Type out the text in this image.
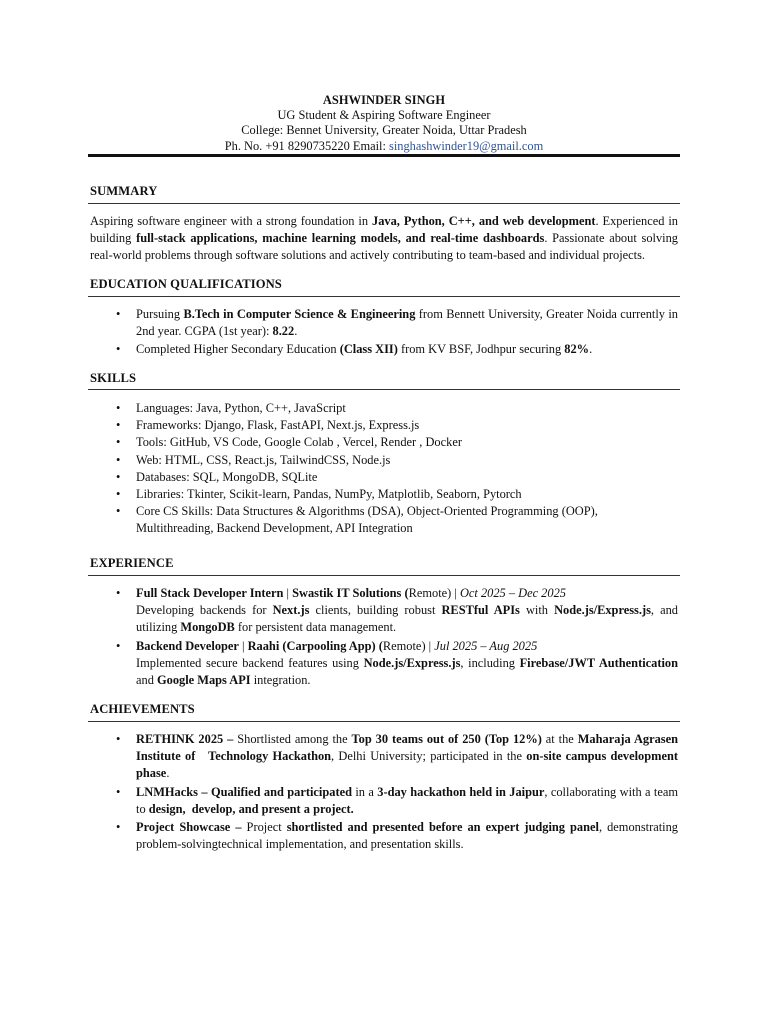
ASHWINDER SINGH
UG Student & Aspiring Software Engineer
College: Bennet University, Greater Noida, Uttar Pradesh
Ph. No. +91 8290735220 Email: singhashwinder19@gmail.com
SUMMARY
Aspiring software engineer with a strong foundation in Java, Python, C++, and web development. Experienced in building full-stack applications, machine learning models, and real-time dashboards. Passionate about solving real-world problems through software solutions and actively contributing to team-based and individual projects.
EDUCATION QUALIFICATIONS
• Pursuing B.Tech in Computer Science & Engineering from Bennett University, Greater Noida currently in 2nd year. CGPA (1st year): 8.22.
• Completed Higher Secondary Education (Class XII) from KV BSF, Jodhpur securing 82%.
SKILLS
• Languages: Java, Python, C++, JavaScript
• Frameworks: Django, Flask, FastAPI, Next.js, Express.js
• Tools: GitHub, VS Code, Google Colab , Vercel, Render , Docker
• Web: HTML, CSS, React.js, TailwindCSS, Node.js
• Databases: SQL, MongoDB, SQLite
• Libraries: Tkinter, Scikit-learn, Pandas, NumPy, Matplotlib, Seaborn, Pytorch
• Core CS Skills: Data Structures & Algorithms (DSA), Object-Oriented Programming (OOP), Multithreading, Backend Development, API Integration
EXPERIENCE
• Full Stack Developer Intern | Swastik IT Solutions (Remote) | Oct 2025 – Dec 2025
Developing backends for Next.js clients, building robust RESTful APIs with Node.js/Express.js, and utilizing MongoDB for persistent data management.
• Backend Developer | Raahi (Carpooling App) (Remote) | Jul 2025 – Aug 2025
Implemented secure backend features using Node.js/Express.js, including Firebase/JWT Authentication and Google Maps API integration.
ACHIEVEMENTS
• RETHINK 2025 – Shortlisted among the Top 30 teams out of 250 (Top 12%) at the Maharaja Agrasen Institute of   Technology Hackathon, Delhi University; participated in the on-site campus development phase.
• LNMHacks – Qualified and participated in a 3-day hackathon held in Jaipur, collaborating with a team to design,  develop, and present a project.
• Project Showcase – Project shortlisted and presented before an expert judging panel, demonstrating problem-solvingtechnical implementation, and presentation skills.
